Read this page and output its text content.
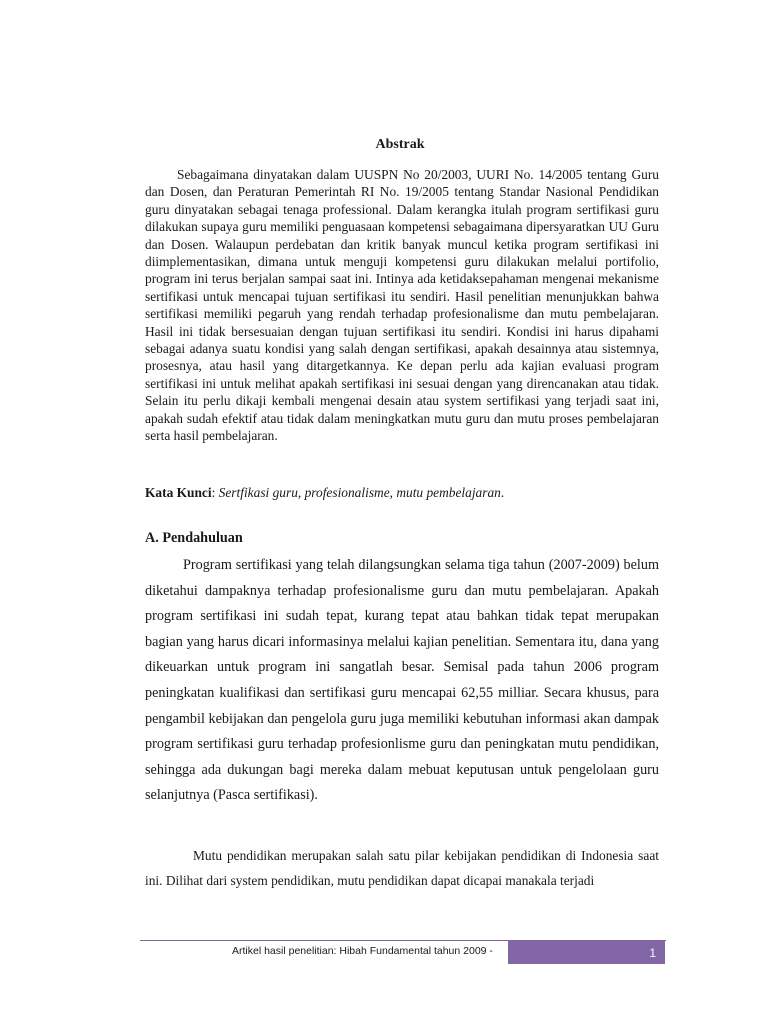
Abstrak

Sebagaimana dinyatakan dalam UUSPN No 20/2003, UURI No. 14/2005 tentang Guru dan Dosen, dan Peraturan Pemerintah RI No. 19/2005 tentang Standar Nasional Pendidikan guru dinyatakan sebagai tenaga professional. Dalam kerangka itulah program sertifikasi guru dilakukan supaya guru memiliki penguasaan kompetensi sebagaimana dipersyaratkan UU Guru dan Dosen. Walaupun perdebatan dan kritik banyak muncul ketika program sertifikasi ini diimplementasikan, dimana untuk menguji kompetensi guru dilakukan melalui portifolio, program ini terus berjalan sampai saat ini. Intinya ada ketidaksepahaman mengenai mekanisme sertifikasi untuk mencapai tujuan sertifikasi itu sendiri. Hasil penelitian menunjukkan bahwa sertifikasi memiliki pegaruh yang rendah terhadap profesionalisme dan mutu pembelajaran. Hasil ini tidak bersesuaian dengan tujuan sertifikasi itu sendiri. Kondisi ini harus dipahami sebagai adanya suatu kondisi yang salah dengan sertifikasi, apakah desainnya atau sistemnya, prosesnya, atau hasil yang ditargetkannya. Ke depan perlu ada kajian evaluasi program sertifikasi ini untuk melihat apakah sertifikasi ini sesuai dengan yang direncanakan atau tidak. Selain itu perlu dikaji kembali mengenai desain atau system sertifikasi yang terjadi saat ini, apakah sudah efektif atau tidak dalam meningkatkan mutu guru dan mutu proses pembelajaran serta hasil pembelajaran.

Kata Kunci: Sertfikasi guru, profesionalisme, mutu pembelajaran.

A. Pendahuluan

Program sertifikasi yang telah dilangsungkan selama tiga tahun (2007-2009) belum diketahui dampaknya terhadap profesionalisme guru dan mutu pembelajaran. Apakah program sertifikasi ini sudah tepat, kurang tepat atau bahkan tidak tepat merupakan bagian yang harus dicari informasinya melalui kajian penelitian. Sementara itu, dana yang dikeuarkan untuk program ini sangatlah besar. Semisal pada tahun 2006 program peningkatan kualifikasi dan sertifikasi guru mencapai 62,55 milliar. Secara khusus, para pengambil kebijakan dan pengelola guru juga memiliki kebutuhan informasi akan dampak program sertifikasi guru terhadap profesionlisme guru dan peningkatan mutu pendidikan, sehingga ada dukungan bagi mereka dalam mebuat keputusan untuk pengelolaan guru selanjutnya (Pasca sertifikasi).

Mutu pendidikan merupakan salah satu pilar kebijakan pendidikan di Indonesia saat ini. Dilihat dari system pendidikan, mutu pendidikan dapat dicapai manakala terjadi

Artikel hasil penelitian: Hibah Fundamental tahun 2009 -	1
